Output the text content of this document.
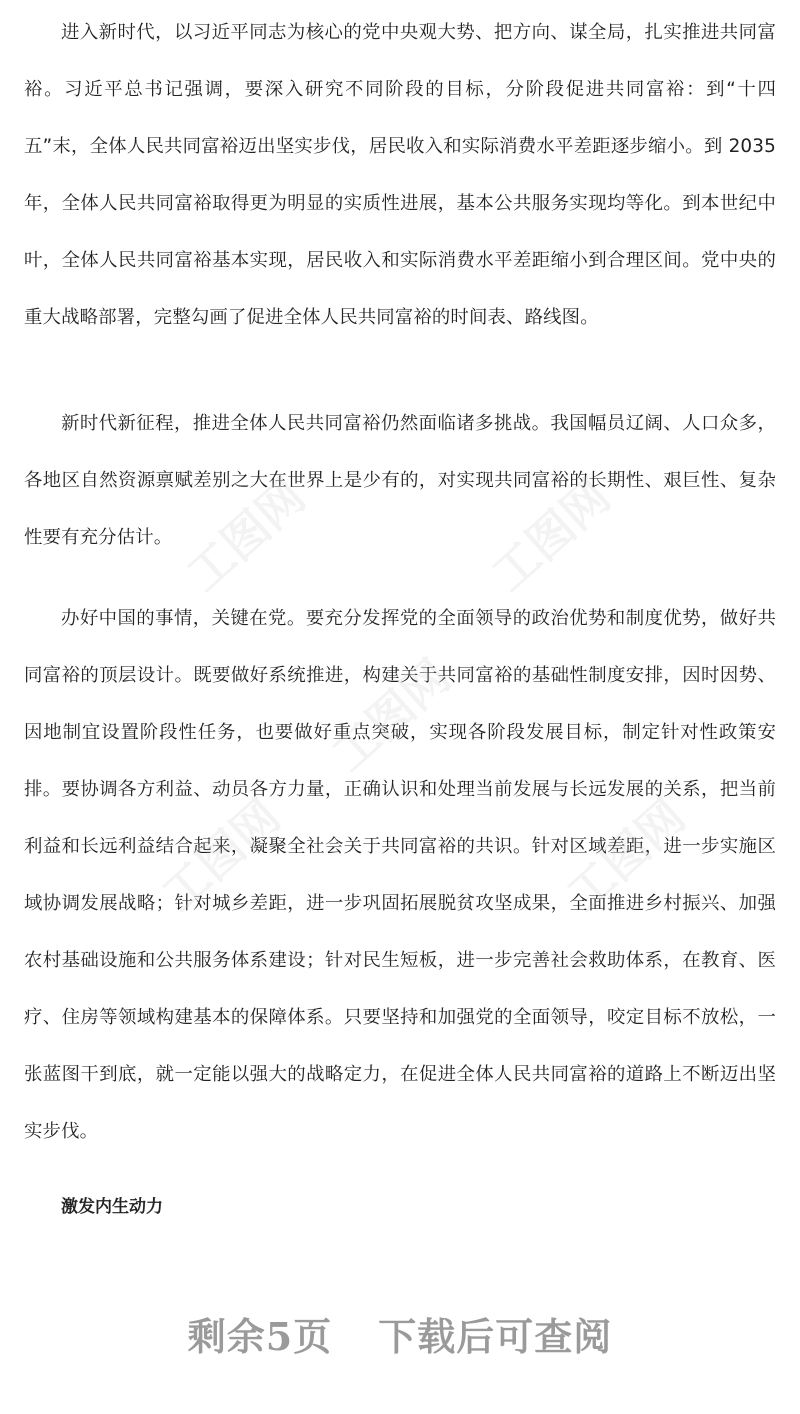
进入新时代，以习近平同志为核心的党中央观大势、把方向、谋全局，扎实推进共同富裕。习近平总书记强调，要深入研究不同阶段的目标，分阶段促进共同富裕：到“十四五”末，全体人民共同富裕迈出坚实步伐，居民收入和实际消费水平差距逐步缩小。到 2035 年，全体人民共同富裕取得更为明显的实质性进展，基本公共服务实现均等化。到本世纪中叶，全体人民共同富裕基本实现，居民收入和实际消费水平差距缩小到合理区间。党中央的重大战略部署，完整勾画了促进全体人民共同富裕的时间表、路线图。

新时代新征程，推进全体人民共同富裕仍然面临诸多挑战。我国幅员辽阔、人口众多，各地区自然资源禀赋差别之大在世界上是少有的，对实现共同富裕的长期性、艰巨性、复杂性要有充分估计。

办好中国的事情，关键在党。要充分发挥党的全面领导的政治优势和制度优势，做好共同富裕的顶层设计。既要做好系统推进，构建关于共同富裕的基础性制度安排，因时因势、因地制宜设置阶段性任务，也要做好重点突破，实现各阶段发展目标，制定针对性政策安排。要协调各方利益、动员各方力量，正确认识和处理当前发展与长远发展的关系，把当前利益和长远利益结合起来，凝聚全社会关于共同富裕的共识。针对区域差距，进一步实施区域协调发展战略；针对城乡差距，进一步巩固拓展脱贫攻坚成果，全面推进乡村振兴、加强农村基础设施和公共服务体系建设；针对民生短板，进一步完善社会救助体系，在教育、医疗、住房等领域构建基本的保障体系。只要坚持和加强党的全面领导，咬定目标不放松，一张蓝图干到底，就一定能以强大的战略定力，在促进全体人民共同富裕的道路上不断迈出坚实步伐。

激发内生动力

工图网	工图网
工图网
工图网	工图网
剩余5页 下载后可查阅
